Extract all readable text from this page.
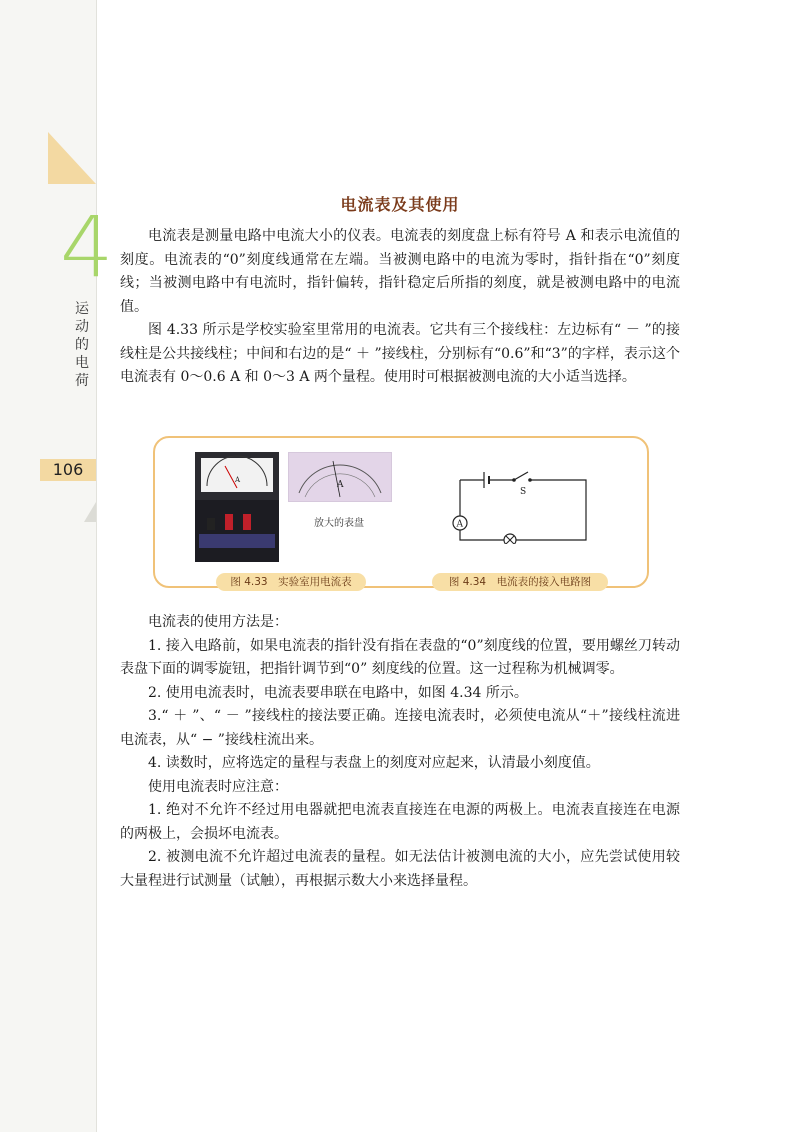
4
运动的电荷
106
电流表及其使用

电流表是测量电路中电流大小的仪表。电流表的刻度盘上标有符号 A 和表示电流值的刻度。电流表的“0”刻度线通常在左端。当被测电路中的电流为零时，指针指在“0”刻度线；当被测电路中有电流时，指针偏转，指针稳定后所指的刻度，就是被测电路中的电流值。

图 4.33 所示是学校实验室里常用的电流表。它共有三个接线柱：左边标有“ － ”的接线柱是公共接线柱；中间和右边的是“ ＋ ”接线柱，分别标有“0.6”和“3”的字样，表示这个电流表有 0～0.6 A 和 0～3 A 两个量程。使用时可根据被测电流的大小适当选择。

A	A
放大的表盘
S
A
图 4.33　实验室用电流表	图 4.34　电流表的接入电路图

电流表的使用方法是：

1. 接入电路前，如果电流表的指针没有指在表盘的“0”刻度线的位置，要用螺丝刀转动表盘下面的调零旋钮，把指针调节到“0” 刻度线的位置。这一过程称为机械调零。

2. 使用电流表时，电流表要串联在电路中，如图 4.34 所示。

3.“ ＋ ”、“ － ”接线柱的接法要正确。连接电流表时，必须使电流从“＋”接线柱流进电流表，从“ − ”接线柱流出来。

4. 读数时，应将选定的量程与表盘上的刻度对应起来，认清最小刻度值。

使用电流表时应注意：

1. 绝对不允许不经过用电器就把电流表直接连在电源的两极上。电流表直接连在电源的两极上，会损坏电流表。

2. 被测电流不允许超过电流表的量程。如无法估计被测电流的大小，应先尝试使用较大量程进行试测量（试触），再根据示数大小来选择量程。
